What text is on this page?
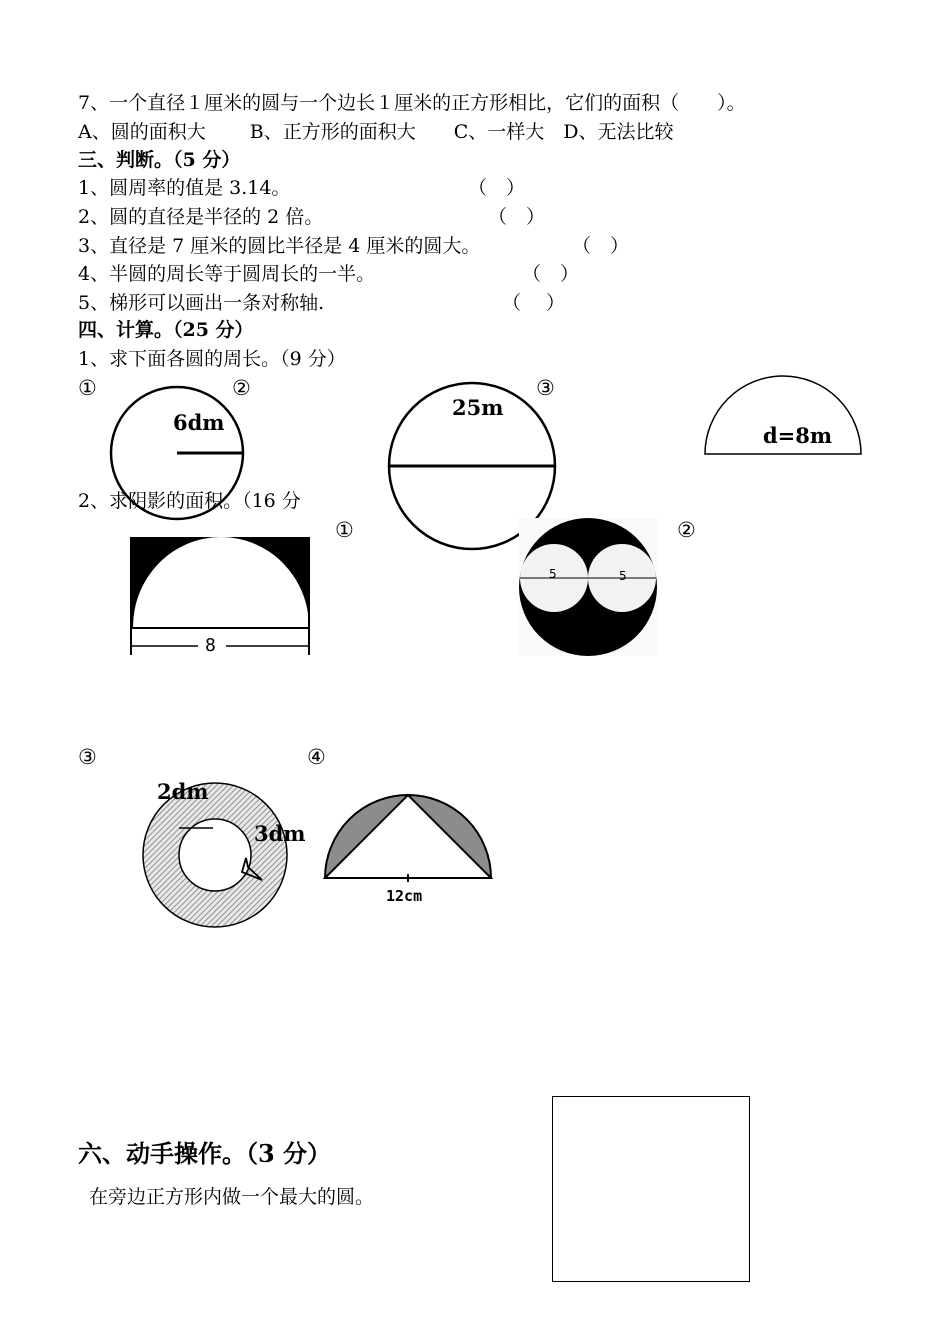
7、一个直径１厘米的圆与一个边长１厘米的正方形相比，它们的面积（　　）。
A、圆的面积大　　 B、正方形的面积大　　C、一样大　D、无法比较
三、判断。（5 分）
1、圆周率的值是 3.14。	（　）
2、圆的直径是半径的 2 倍。	（　）
3、直径是 7 厘米的圆比半径是 4 厘米的圆大。	（　）
4、半圆的周长等于圆周长的一半。	（　）
5、梯形可以画出一条对称轴.	（　 ）
四、计算。（25 分）
1、求下面各圆的周长。（9 分）
①	②	③
2、求阴影的面积。（16 分
6dm
25m
d=8m
①	②
8
5	5
③	④
2dm
3dm
12cm
六、动手操作。（3 分）
在旁边正方形内做一个最大的圆。
